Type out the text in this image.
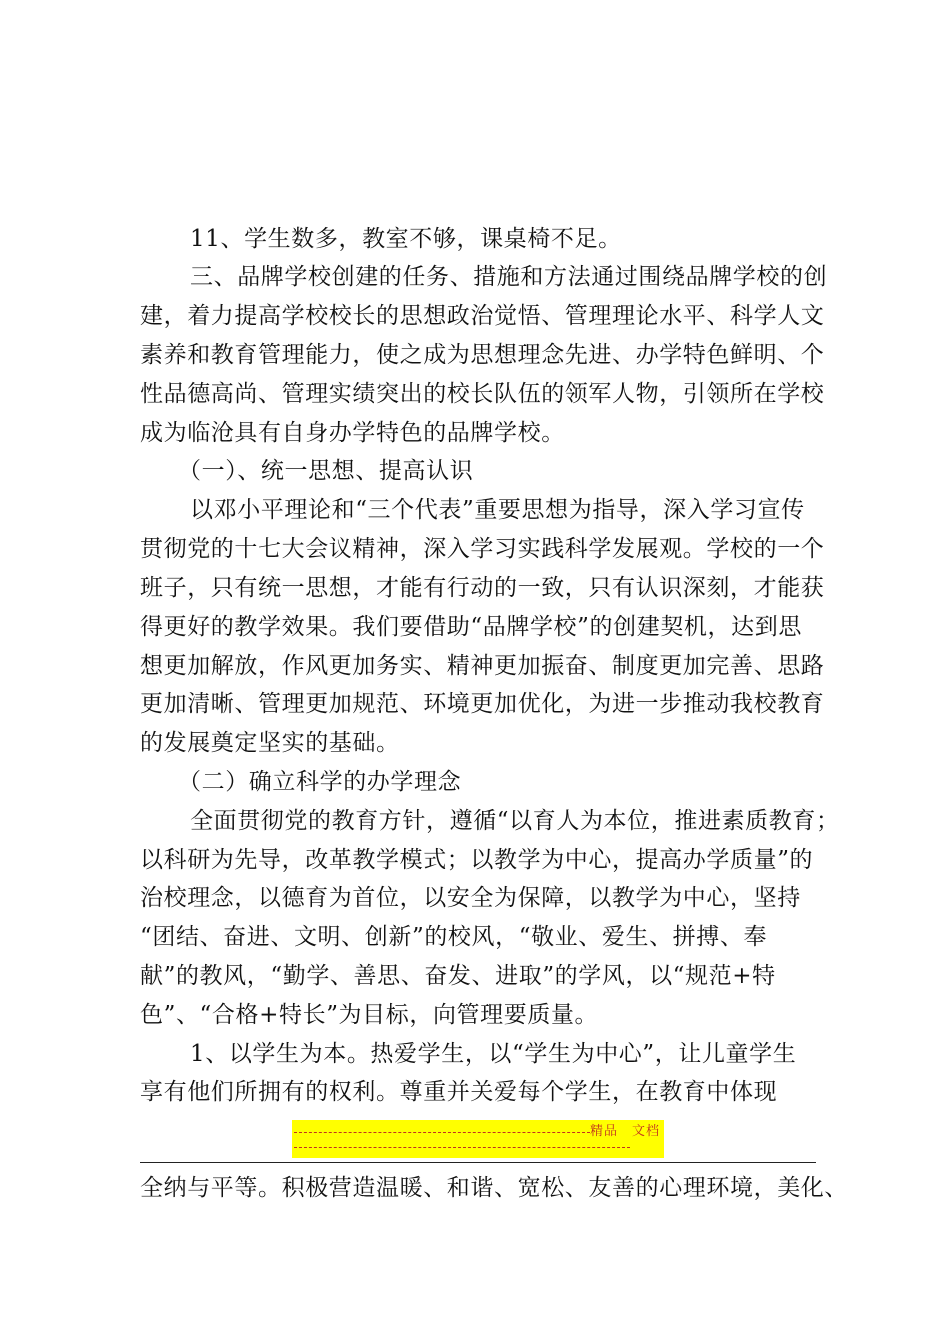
11、学生数多，教室不够，课桌椅不足。
三、品牌学校创建的任务、措施和方法通过围绕品牌学校的创
建，着力提高学校校长的思想政治觉悟、管理理论水平、科学人文
素养和教育管理能力，使之成为思想理念先进、办学特色鲜明、个
性品德高尚、管理实绩突出的校长队伍的领军人物，引领所在学校
成为临沧具有自身办学特色的品牌学校。
（一）、统一思想、提高认识
以邓小平理论和“三个代表”重要思想为指导，深入学习宣传
贯彻党的十七大会议精神，深入学习实践科学发展观。学校的一个
班子，只有统一思想，才能有行动的一致，只有认识深刻，才能获
得更好的教学效果。我们要借助“品牌学校”的创建契机，达到思
想更加解放，作风更加务实、精神更加振奋、制度更加完善、思路
更加清晰、管理更加规范、环境更加优化，为进一步推动我校教育
的发展奠定坚实的基础。
（二）确立科学的办学理念
全面贯彻党的教育方针，遵循“以育人为本位，推进素质教育；
以科研为先导，改革教学模式；以教学为中心，提高办学质量”的
治校理念，以德育为首位，以安全为保障，以教学为中心，坚持
“团结、奋进、文明、创新”的校风，“敬业、爱生、拼搏、奉
献”的教风，“勤学、善思、奋发、进取”的学风，以“规范+特
色”、“合格+特长”为目标，向管理要质量。
1、以学生为本。热爱学生，以“学生为中心”，让儿童学生
享有他们所拥有的权利。尊重并关爱每个学生，在教育中体现
精品　文档
全纳与平等。积极营造温暖、和谐、宽松、友善的心理环境，美化、
